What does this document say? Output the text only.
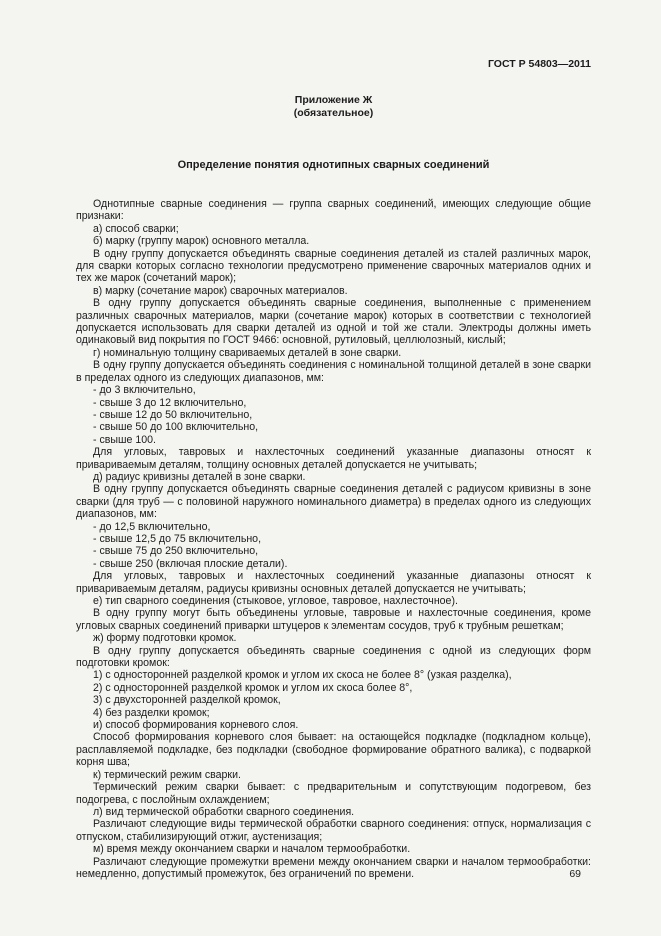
ГОСТ Р 54803—2011
Приложение Ж
(обязательное)
Определение понятия однотипных сварных соединений

Однотипные сварные соединения — группа сварных соединений, имеющих следующие общие признаки:

а) способ сварки;

б) марку (группу марок) основного металла.

В одну группу допускается объединять сварные соединения деталей из сталей различных марок, для сварки которых согласно технологии предусмотрено применение сварочных материалов одних и тех же марок (сочетаний марок);

в) марку (сочетание марок) сварочных материалов.

В одну группу допускается объединять сварные соединения, выполненные с применением различных сварочных материалов, марки (сочетание марок) которых в соответствии с технологией допускается использовать для сварки деталей из одной и той же стали. Электроды должны иметь одинаковый вид покрытия по ГОСТ 9466: основной, рутиловый, целлюлозный, кислый;

г) номинальную толщину свариваемых деталей в зоне сварки.

В одну группу допускается объединять соединения с номинальной толщиной деталей в зоне сварки в пределах одного из следующих диапазонов, мм:

- до 3 включительно,

- свыше 3 до 12 включительно,

- свыше 12 до 50 включительно,

- свыше 50 до 100 включительно,

- свыше 100.

Для угловых, тавровых и нахлесточных соединений указанные диапазоны относят к привариваемым деталям, толщину основных деталей допускается не учитывать;

д) радиус кривизны деталей в зоне сварки.

В одну группу допускается объединять сварные соединения деталей с радиусом кривизны в зоне сварки (для труб — с половиной наружного номинального диаметра) в пределах одного из следующих диапазонов, мм:

- до 12,5 включительно,

- свыше 12,5 до 75 включительно,

- свыше 75 до 250 включительно,

- свыше 250 (включая плоские детали).

Для угловых, тавровых и нахлесточных соединений указанные диапазоны относят к привариваемым деталям, радиусы кривизны основных деталей допускается не учитывать;

е) тип сварного соединения (стыковое, угловое, тавровое, нахлесточное).

В одну группу могут быть объединены угловые, тавровые и нахлесточные соединения, кроме угловых сварных соединений приварки штуцеров к элементам сосудов, труб к трубным решеткам;

ж) форму подготовки кромок.

В одну группу допускается объединять сварные соединения с одной из следующих форм подготовки кромок:

1) с односторонней разделкой кромок и углом их скоса не более 8° (узкая разделка),

2) с односторонней разделкой кромок и углом их скоса более 8°,

3) с двухсторонней разделкой кромок,

4) без разделки кромок;

и) способ формирования корневого слоя.

Способ формирования корневого слоя бывает: на остающейся подкладке (подкладном кольце), расплавляемой подкладке, без подкладки (свободное формирование обратного валика), с подваркой корня шва;

к) термический режим сварки.

Термический режим сварки бывает: с предварительным и сопутствующим подогревом, без подогрева, с послойным охлаждением;

л) вид термической обработки сварного соединения.

Различают следующие виды термической обработки сварного соединения: отпуск, нормализация с отпуском, стабилизирующий отжиг, аустенизация;

м) время между окончанием сварки и началом термообработки.

Различают следующие промежутки времени между окончанием сварки и началом термообработки: немедленно, допустимый промежуток, без ограничений по времени.	69
